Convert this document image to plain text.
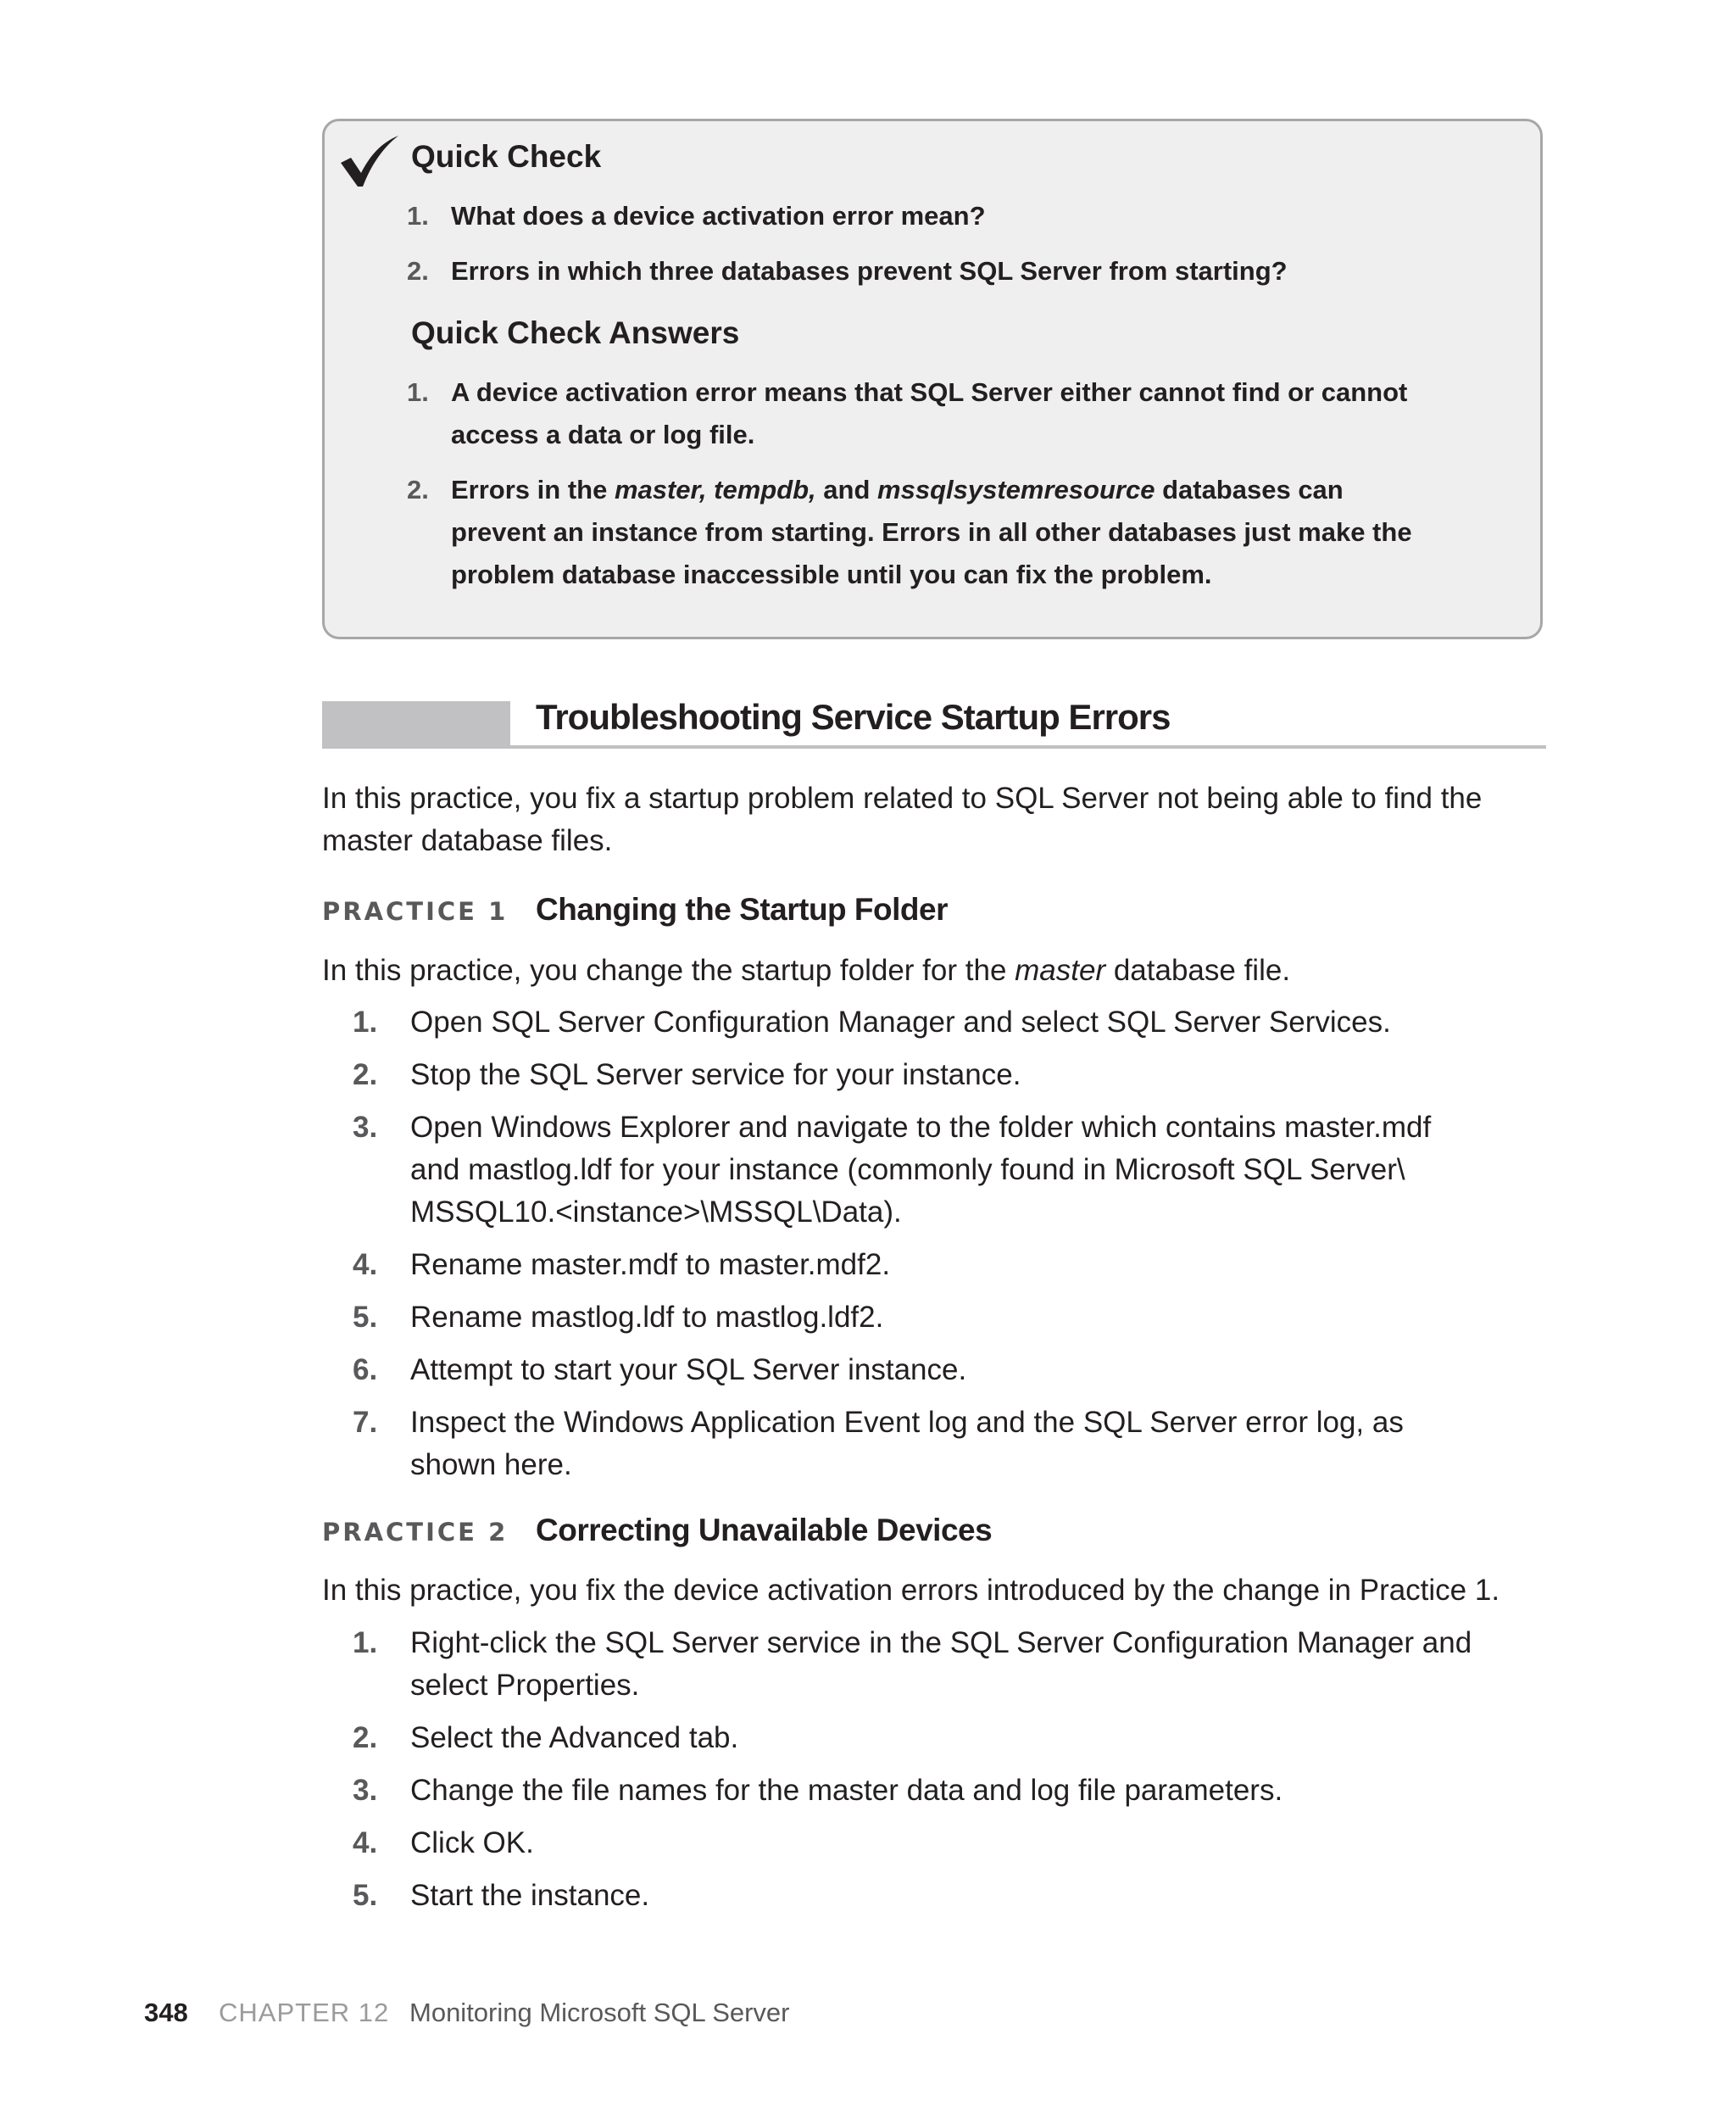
Quick Check
1. What does a device activation error mean?
2. Errors in which three databases prevent SQL Server from starting?
Quick Check Answers
1. A device activation error means that SQL Server either cannot find or cannot access a data or log file.
2. Errors in the master, tempdb, and mssqlsystemresource databases can prevent an instance from starting. Errors in all other databases just make the problem database inaccessible until you can fix the problem.
Troubleshooting Service Startup Errors
In this practice, you fix a startup problem related to SQL Server not being able to find the master database files.
PRACTICE 1 Changing the Startup Folder
In this practice, you change the startup folder for the master database file.
1. Open SQL Server Configuration Manager and select SQL Server Services.
2. Stop the SQL Server service for your instance.
3. Open Windows Explorer and navigate to the folder which contains master.mdf and mastlog.ldf for your instance (commonly found in Microsoft SQL Server\ MSSQL10.<instance>\MSSQL\Data).
4. Rename master.mdf to master.mdf2.
5. Rename mastlog.ldf to mastlog.ldf2.
6. Attempt to start your SQL Server instance.
7. Inspect the Windows Application Event log and the SQL Server error log, as shown here.
PRACTICE 2 Correcting Unavailable Devices
In this practice, you fix the device activation errors introduced by the change in Practice 1.
1. Right-click the SQL Server service in the SQL Server Configuration Manager and select Properties.
2. Select the Advanced tab.
3. Change the file names for the master data and log file parameters.
4. Click OK.
5. Start the instance.
348 CHAPTER 12 Monitoring Microsoft SQL Server
